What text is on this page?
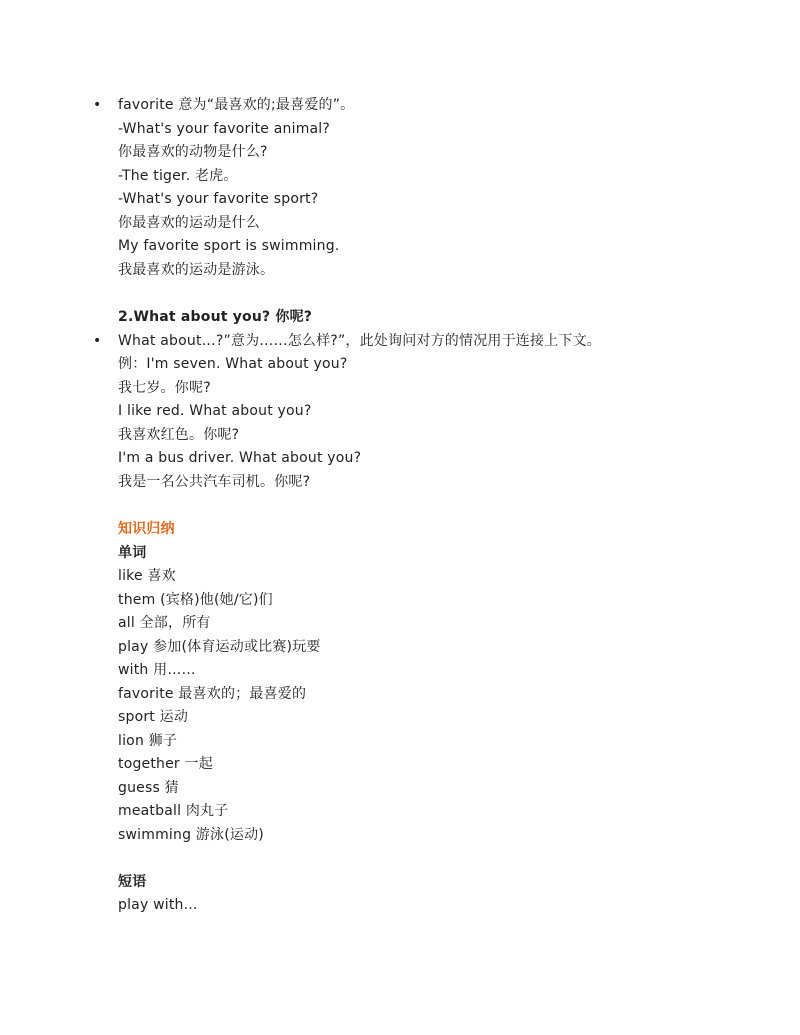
• favorite 意为“最喜欢的;最喜爱的”。
-What's your favorite animal?
你最喜欢的动物是什么?
-The tiger. 老虎。
-What's your favorite sport?
你最喜欢的运动是什么
My favorite sport is swimming.
我最喜欢的运动是游泳。
2.What about you? 你呢?
• What about…?”意为……怎么样?”，此处询问对方的情况用于连接上下文。
例：I'm seven. What about you?
我七岁。你呢?
I like red. What about you?
我喜欢红色。你呢?
I'm a bus driver. What about you?
我是一名公共汽车司机。你呢?
知识归纳
单词
like 喜欢
them (宾格)他(她/它)们
all 全部，所有
play 参加(体育运动或比赛)玩要
with 用……
favorite 最喜欢的；最喜爱的
sport 运动
lion 狮子
together 一起
guess 猜
meatball 肉丸子
swimming 游泳(运动)
短语
play with...
